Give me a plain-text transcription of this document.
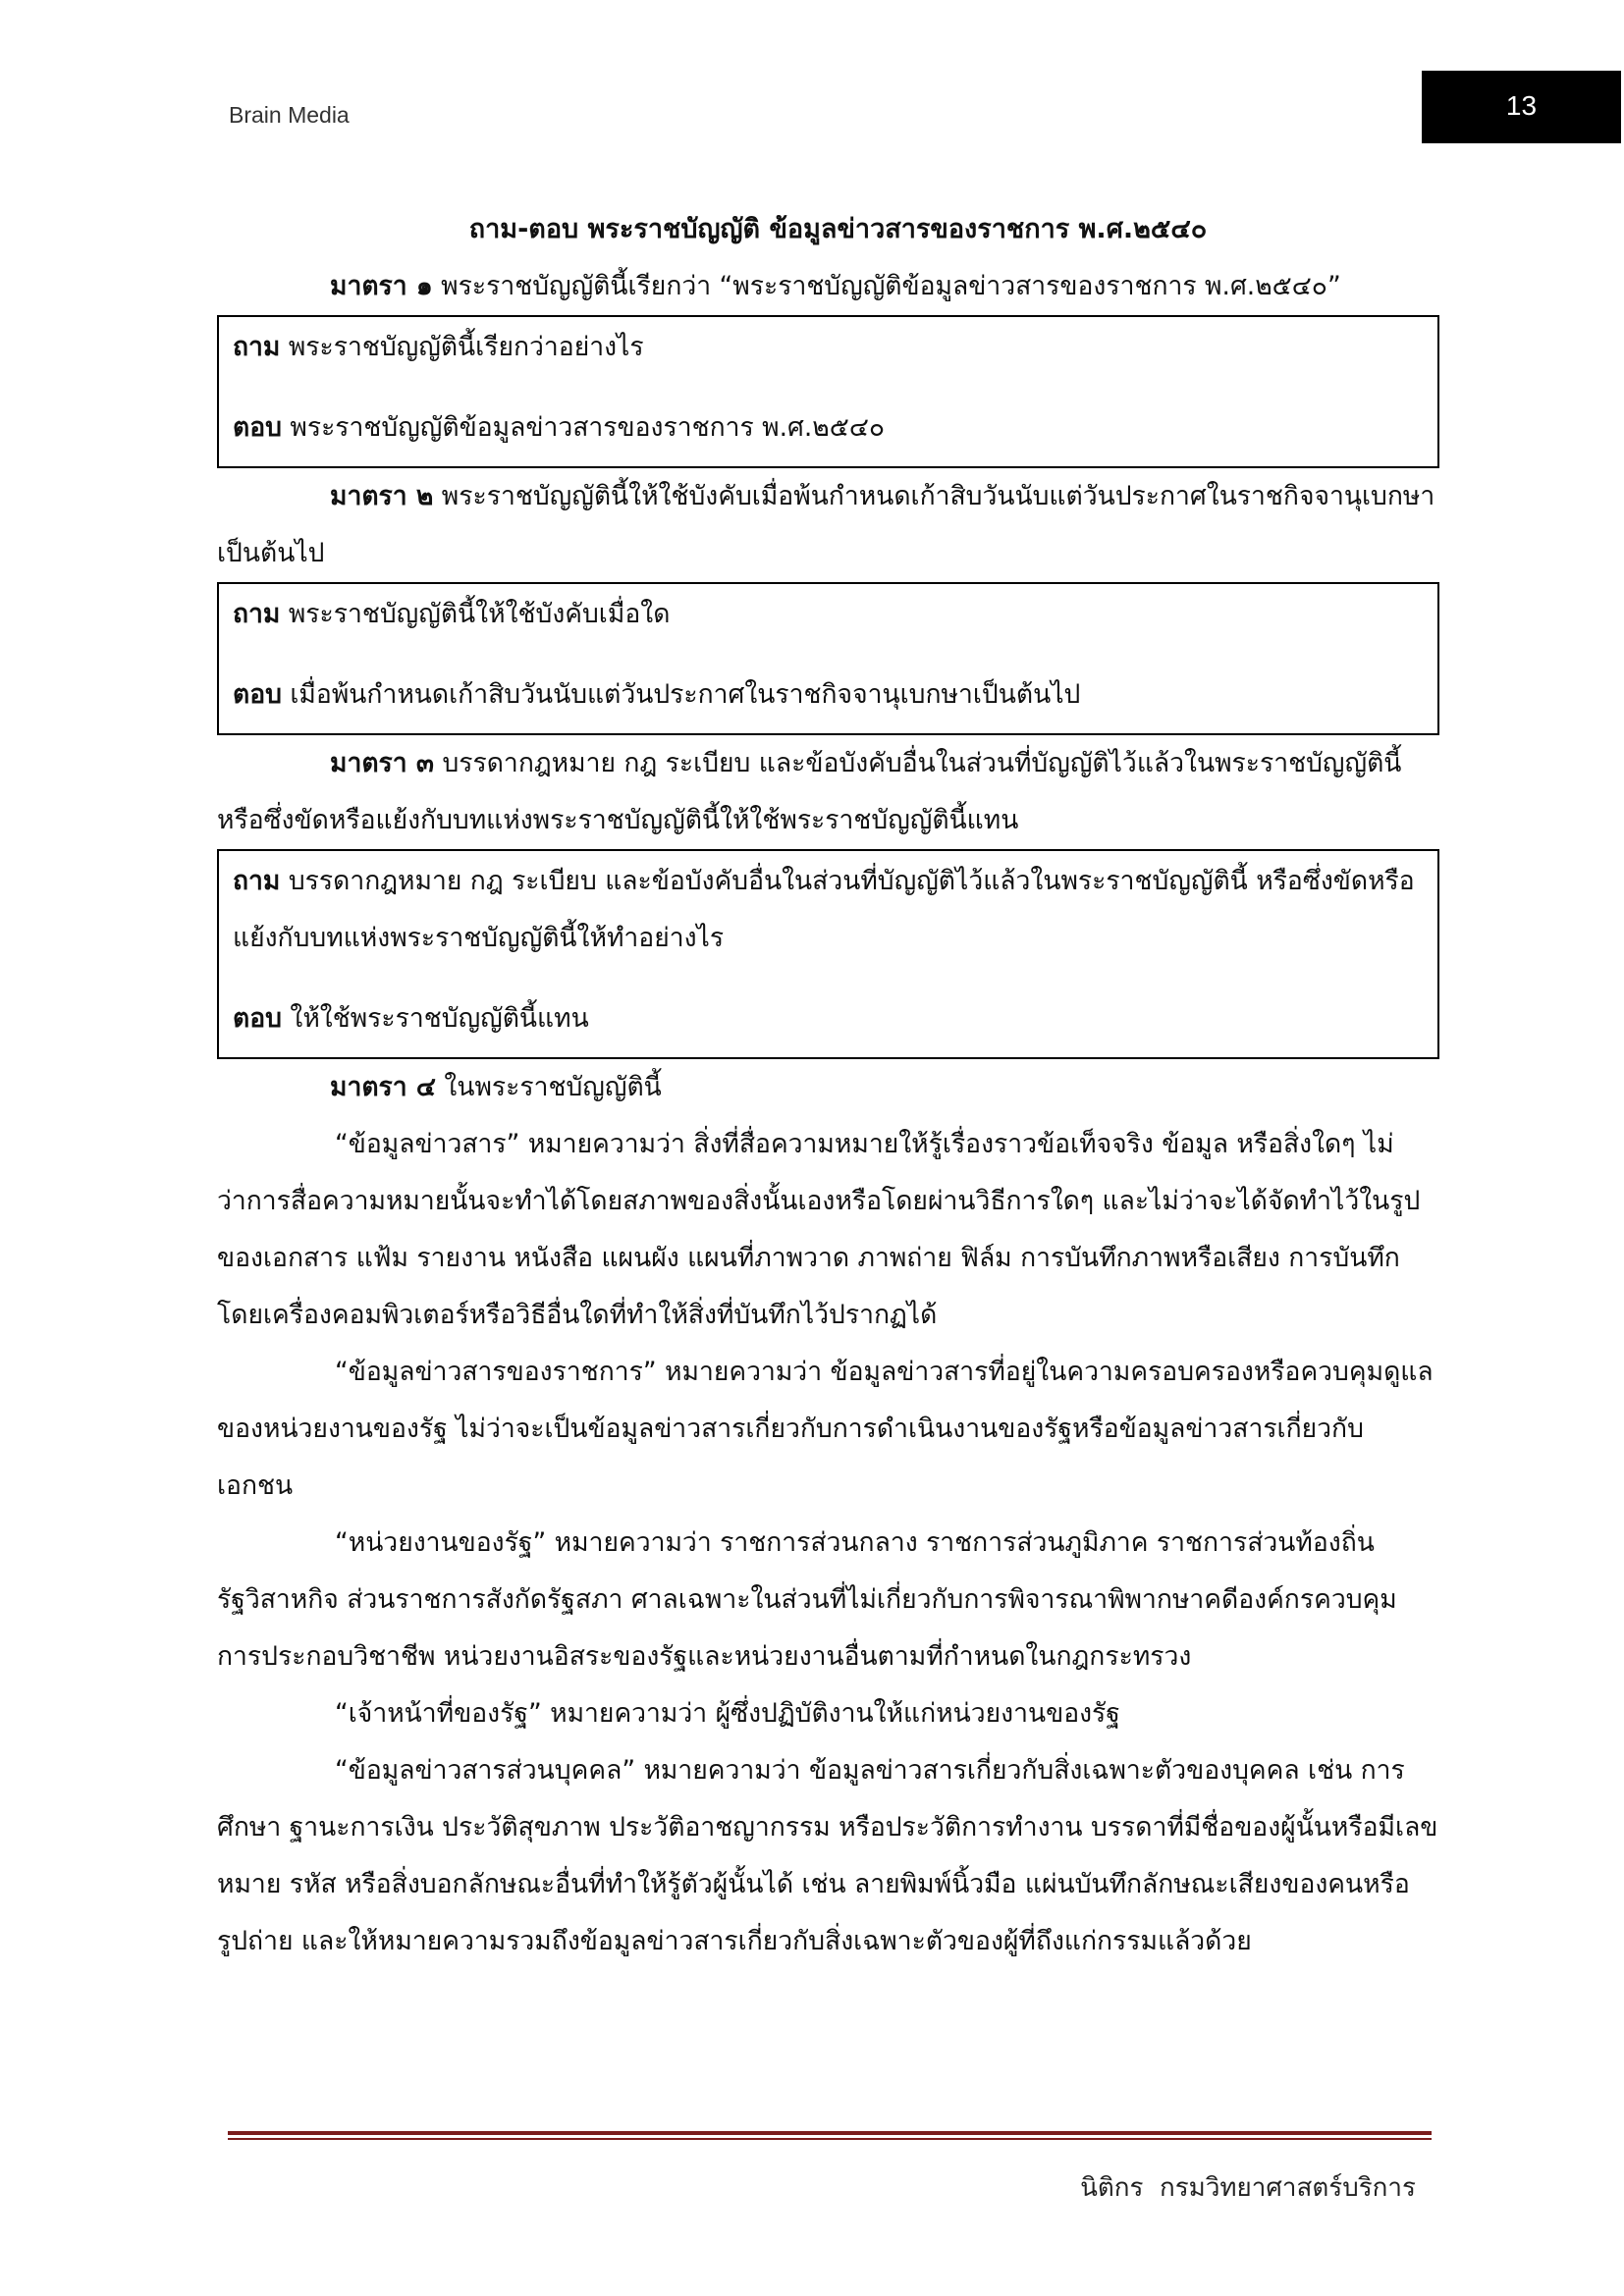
Brain Media	13

ถาม-ตอบ พระราชบัญญัติ ข้อมูลข่าวสารของราชการ พ.ศ.๒๕๔๐

มาตรา ๑ พระราชบัญญัตินี้เรียกว่า “พระราชบัญญัติข้อมูลข่าวสารของราชการ พ.ศ.๒๕๔๐”

ถาม พระราชบัญญัตินี้เรียกว่าอย่างไร

ตอบ พระราชบัญญัติข้อมูลข่าวสารของราชการ พ.ศ.๒๕๔๐

มาตรา ๒ พระราชบัญญัตินี้ให้ใช้บังคับเมื่อพ้นกำหนดเก้าสิบวันนับแต่วันประกาศในราชกิจจานุเบกษาเป็นต้นไป

ถาม พระราชบัญญัตินี้ให้ใช้บังคับเมื่อใด

ตอบ เมื่อพ้นกำหนดเก้าสิบวันนับแต่วันประกาศในราชกิจจานุเบกษาเป็นต้นไป

มาตรา ๓ บรรดากฎหมาย กฎ ระเบียบ และข้อบังคับอื่นในส่วนที่บัญญัติไว้แล้วในพระราชบัญญัตินี้ หรือซึ่งขัดหรือแย้งกับบทแห่งพระราชบัญญัตินี้ให้ใช้พระราชบัญญัตินี้แทน

ถาม บรรดากฎหมาย กฎ ระเบียบ และข้อบังคับอื่นในส่วนที่บัญญัติไว้แล้วในพระราชบัญญัตินี้ หรือซึ่งขัดหรือแย้งกับบทแห่งพระราชบัญญัตินี้ให้ทำอย่างไร

ตอบ ให้ใช้พระราชบัญญัตินี้แทน

มาตรา ๔ ในพระราชบัญญัตินี้

“ข้อมูลข่าวสาร” หมายความว่า สิ่งที่สื่อความหมายให้รู้เรื่องราวข้อเท็จจริง ข้อมูล หรือสิ่งใดๆ ไม่ว่าการสื่อความหมายนั้นจะทำได้โดยสภาพของสิ่งนั้นเองหรือโดยผ่านวิธีการใดๆ และไม่ว่าจะได้จัดทำไว้ในรูปของเอกสาร แฟ้ม รายงาน หนังสือ แผนผัง แผนที่ภาพวาด ภาพถ่าย ฟิล์ม การบันทึกภาพหรือเสียง การบันทึกโดยเครื่องคอมพิวเตอร์หรือวิธีอื่นใดที่ทำให้สิ่งที่บันทึกไว้ปรากฏได้

“ข้อมูลข่าวสารของราชการ” หมายความว่า ข้อมูลข่าวสารที่อยู่ในความครอบครองหรือควบคุมดูแลของหน่วยงานของรัฐ ไม่ว่าจะเป็นข้อมูลข่าวสารเกี่ยวกับการดำเนินงานของรัฐหรือข้อมูลข่าวสารเกี่ยวกับเอกชน

“หน่วยงานของรัฐ” หมายความว่า ราชการส่วนกลาง ราชการส่วนภูมิภาค ราชการส่วนท้องถิ่น รัฐวิสาหกิจ ส่วนราชการสังกัดรัฐสภา ศาลเฉพาะในส่วนที่ไม่เกี่ยวกับการพิจารณาพิพากษาคดีองค์กรควบคุมการประกอบวิชาชีพ หน่วยงานอิสระของรัฐและหน่วยงานอื่นตามที่กำหนดในกฎกระทรวง

“เจ้าหน้าที่ของรัฐ” หมายความว่า ผู้ซึ่งปฏิบัติงานให้แก่หน่วยงานของรัฐ

“ข้อมูลข่าวสารส่วนบุคคล” หมายความว่า ข้อมูลข่าวสารเกี่ยวกับสิ่งเฉพาะตัวของบุคคล เช่น การศึกษา ฐานะการเงิน ประวัติสุขภาพ ประวัติอาชญากรรม หรือประวัติการทำงาน บรรดาที่มีชื่อของผู้นั้นหรือมีเลขหมาย รหัส หรือสิ่งบอกลักษณะอื่นที่ทำให้รู้ตัวผู้นั้นได้ เช่น ลายพิมพ์นิ้วมือ แผ่นบันทึกลักษณะเสียงของคนหรือรูปถ่าย และให้หมายความรวมถึงข้อมูลข่าวสารเกี่ยวกับสิ่งเฉพาะตัวของผู้ที่ถึงแก่กรรมแล้วด้วย

นิติกร  กรมวิทยาศาสตร์บริการ
